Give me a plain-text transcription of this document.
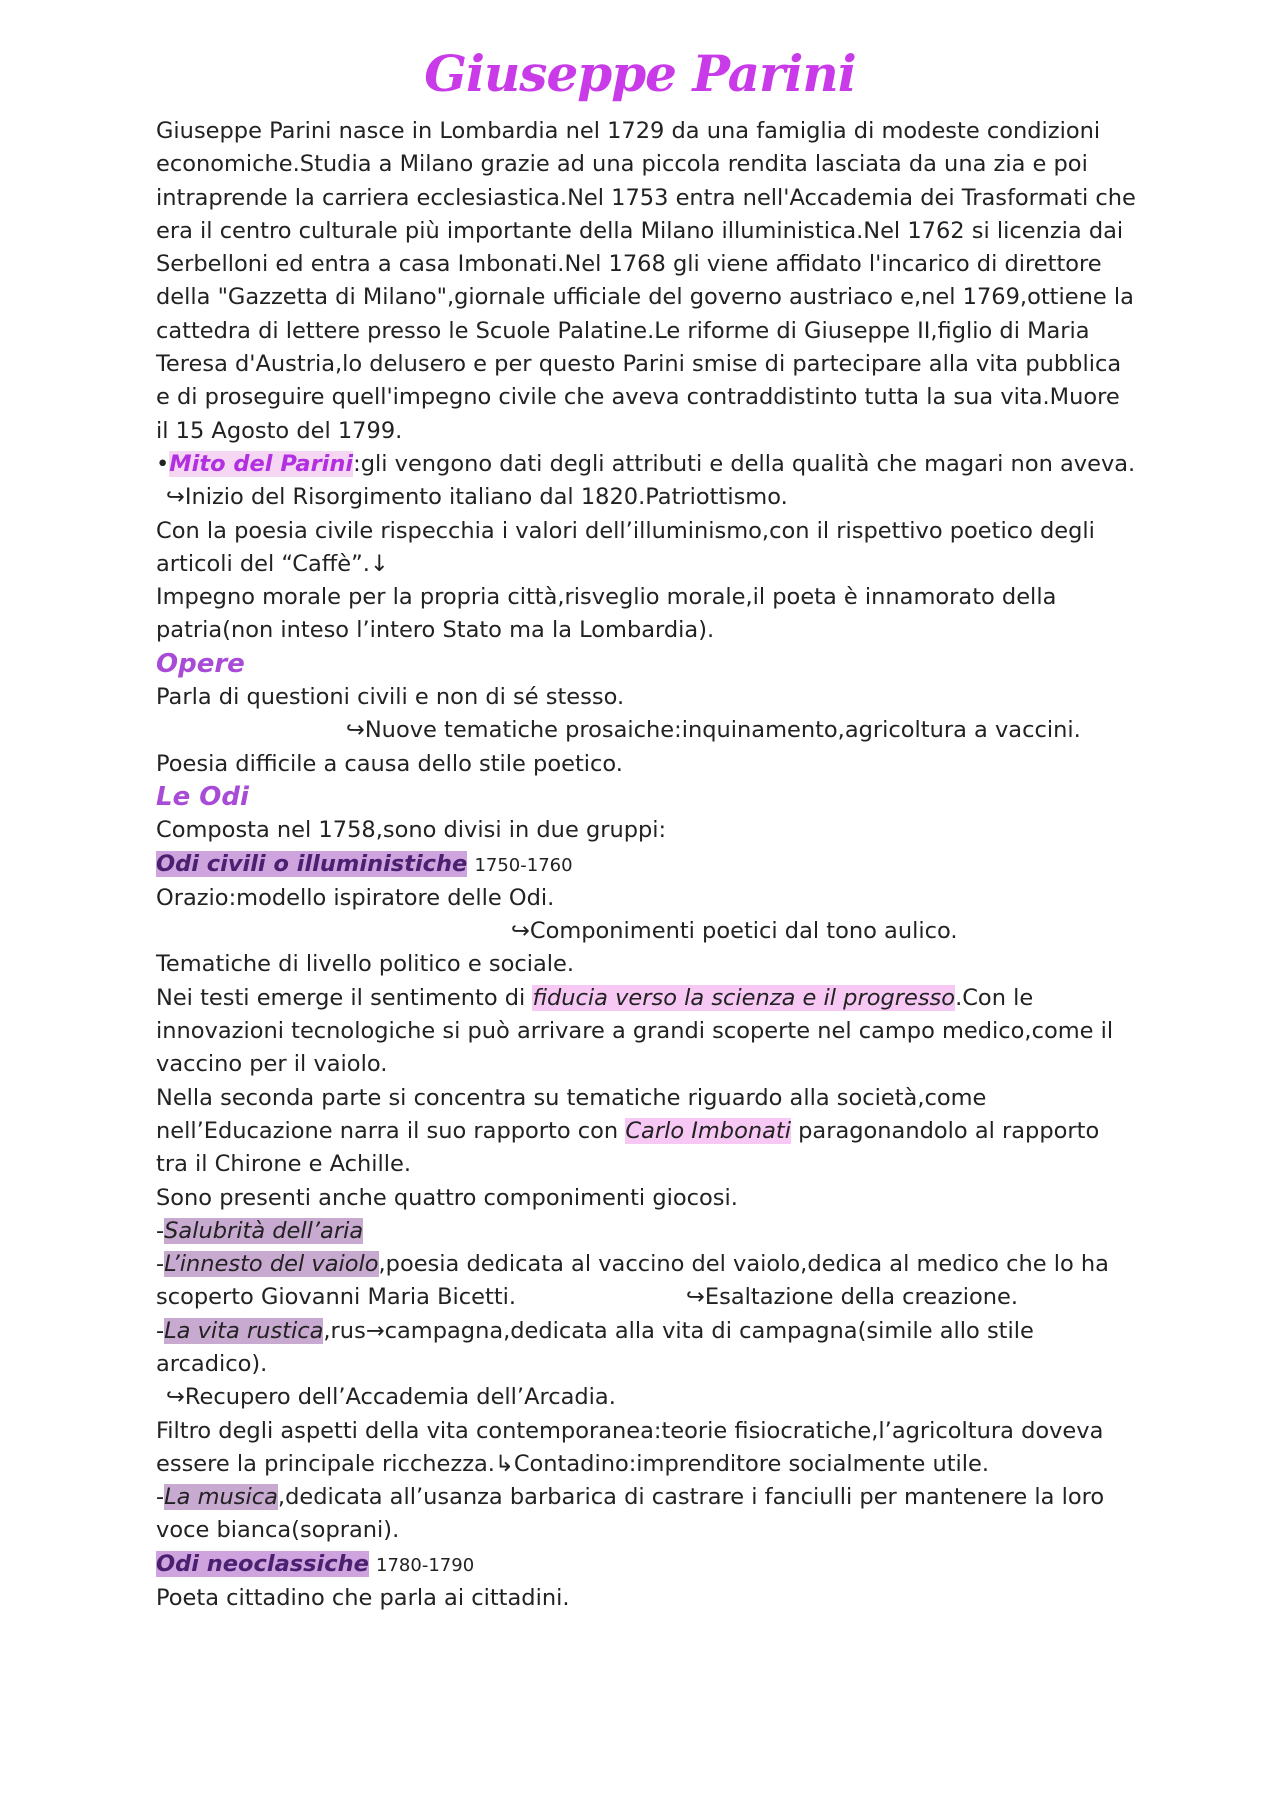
Giuseppe Parini

Giuseppe Parini nasce in Lombardia nel 1729 da una famiglia di modeste condizioni economiche.Studia a Milano grazie ad una piccola rendita lasciata da una zia e poi intraprende la carriera ecclesiastica.Nel 1753 entra nell'Accademia dei Trasformati che era il centro culturale più importante della Milano illuministica.Nel 1762 si licenzia dai Serbelloni ed entra a casa Imbonati.Nel 1768 gli viene affidato l'incarico di direttore della "Gazzetta di Milano",giornale ufficiale del governo austriaco e,nel 1769,ottiene la cattedra di lettere presso le Scuole Palatine.Le riforme di Giuseppe II,figlio di Maria Teresa d'Austria,lo delusero e per questo Parini smise di partecipare alla vita pubblica e di proseguire quell'impegno civile che aveva contraddistinto tutta la sua vita.Muore il 15 Agosto del 1799.

•Mito del Parini:gli vengono dati degli attributi e della qualità che magari non aveva.

↪Inizio del Risorgimento italiano dal 1820.Patriottismo.

Con la poesia civile rispecchia i valori dell’illuminismo,con il rispettivo poetico degli articoli del “Caffè”.↓

Impegno morale per la propria città,risveglio morale,il poeta è innamorato della patria(non inteso l’intero Stato ma la Lombardia).

Opere

Parla di questioni civili e non di sé stesso.

↪Nuove tematiche prosaiche:inquinamento,agricoltura a vaccini.

Poesia difficile a causa dello stile poetico.

Le Odi

Composta nel 1758,sono divisi in due gruppi:

Odi civili o illuministiche 1750-1760

Orazio:modello ispiratore delle Odi.

↪Componimenti poetici dal tono aulico.

Tematiche di livello politico e sociale.

Nei testi emerge il sentimento di fiducia verso la scienza e il progresso.Con le innovazioni tecnologiche si può arrivare a grandi scoperte nel campo medico,come il vaccino per il vaiolo.

Nella seconda parte si concentra su tematiche riguardo alla società,come nell’Educazione narra il suo rapporto con Carlo Imbonati paragonandolo al rapporto tra il Chirone e Achille.

Sono presenti anche quattro componimenti giocosi.

-Salubrità dell’aria

-L’innesto del vaiolo,poesia dedicata al vaccino del vaiolo,dedica al medico che lo ha scoperto Giovanni Maria Bicetti.	↪Esaltazione della creazione.

-La vita rustica,rus→campagna,dedicata alla vita di campagna(simile allo stile arcadico).

↪Recupero dell’Accademia dell’Arcadia.

Filtro degli aspetti della vita contemporanea:teorie fisiocratiche,l’agricoltura doveva essere la principale ricchezza.↳Contadino:imprenditore socialmente utile.

-La musica,dedicata all’usanza barbarica di castrare i fanciulli per mantenere la loro voce bianca(soprani).

Odi neoclassiche 1780-1790

Poeta cittadino che parla ai cittadini.
